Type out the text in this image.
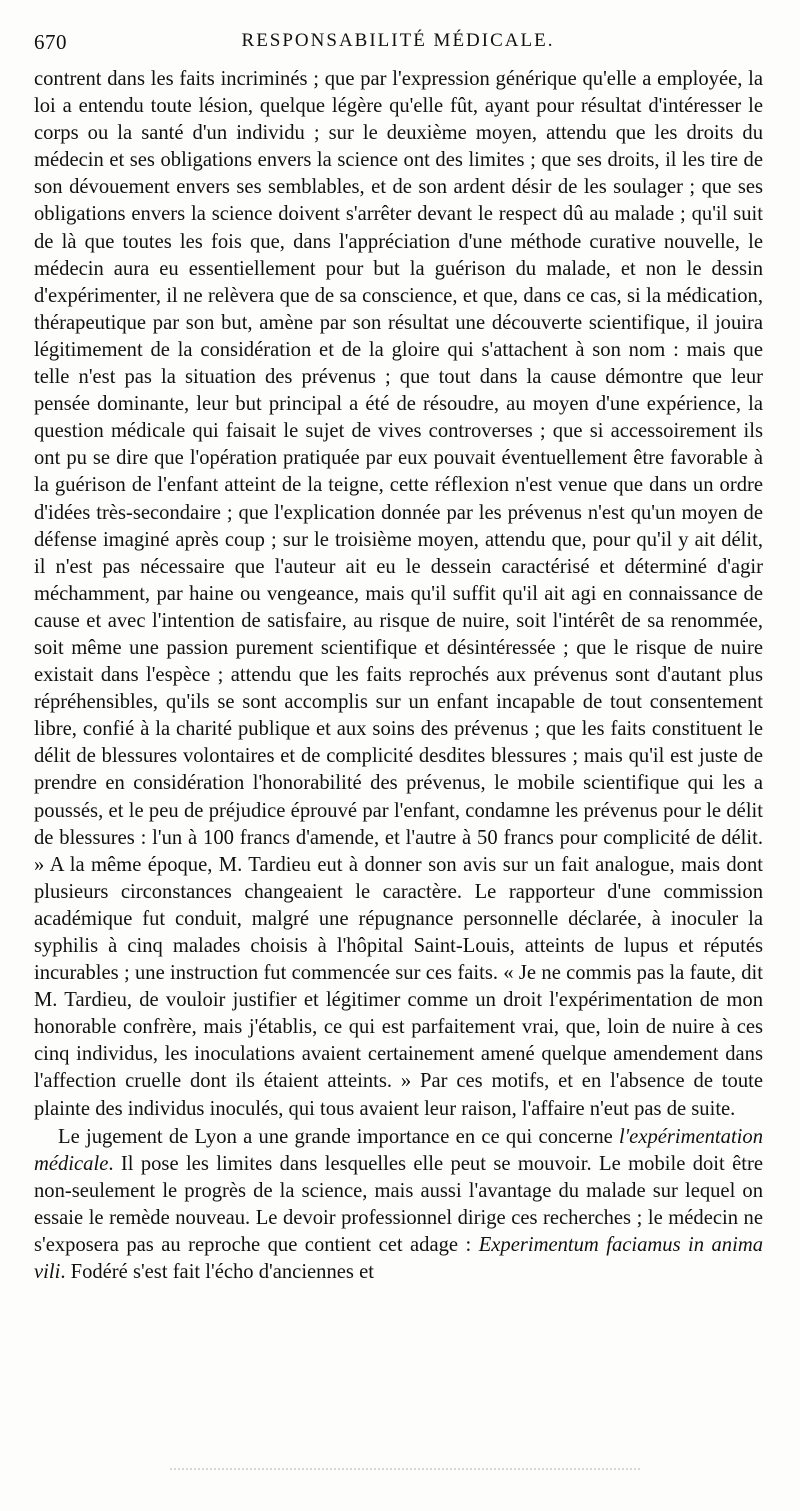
670	RESPONSABILITÉ MÉDICALE.

contrent dans les faits incriminés ; que par l'expression générique qu'elle a employée, la loi a entendu toute lésion, quelque légère qu'elle fût, ayant pour résultat d'intéresser le corps ou la santé d'un individu ; sur le deuxième moyen, attendu que les droits du médecin et ses obligations envers la science ont des limites ; que ses droits, il les tire de son dévouement envers ses semblables, et de son ardent désir de les soulager ; que ses obligations envers la science doivent s'arrêter devant le respect dû au malade ; qu'il suit de là que toutes les fois que, dans l'appréciation d'une méthode curative nouvelle, le médecin aura eu essentiellement pour but la guérison du malade, et non le dessin d'expérimenter, il ne relèvera que de sa conscience, et que, dans ce cas, si la médication, thérapeutique par son but, amène par son résultat une découverte scientifique, il jouira légitimement de la considération et de la gloire qui s'attachent à son nom : mais que telle n'est pas la situation des prévenus ; que tout dans la cause démontre que leur pensée dominante, leur but principal a été de résoudre, au moyen d'une expérience, la question médicale qui faisait le sujet de vives controverses ; que si accessoirement ils ont pu se dire que l'opération pratiquée par eux pouvait éventuellement être favorable à la guérison de l'enfant atteint de la teigne, cette réflexion n'est venue que dans un ordre d'idées très-secondaire ; que l'explication donnée par les prévenus n'est qu'un moyen de défense imaginé après coup ; sur le troisième moyen, attendu que, pour qu'il y ait délit, il n'est pas nécessaire que l'auteur ait eu le dessein caractérisé et déterminé d'agir méchamment, par haine ou vengeance, mais qu'il suffit qu'il ait agi en connaissance de cause et avec l'intention de satisfaire, au risque de nuire, soit l'intérêt de sa renommée, soit même une passion purement scientifique et désintéressée ; que le risque de nuire existait dans l'espèce ; attendu que les faits reprochés aux prévenus sont d'autant plus répréhensibles, qu'ils se sont accomplis sur un enfant incapable de tout consentement libre, confié à la charité publique et aux soins des prévenus ; que les faits constituent le délit de blessures volontaires et de complicité desdites blessures ; mais qu'il est juste de prendre en considération l'honorabilité des prévenus, le mobile scientifique qui les a poussés, et le peu de préjudice éprouvé par l'enfant, condamne les prévenus pour le délit de blessures : l'un à 100 francs d'amende, et l'autre à 50 francs pour complicité de délit. » A la même époque, M. Tardieu eut à donner son avis sur un fait analogue, mais dont plusieurs circonstances changeaient le caractère. Le rapporteur d'une commission académique fut conduit, malgré une répugnance personnelle déclarée, à inoculer la syphilis à cinq malades choisis à l'hôpital Saint-Louis, atteints de lupus et réputés incurables ; une instruction fut commencée sur ces faits. « Je ne commis pas la faute, dit M. Tardieu, de vouloir justifier et légitimer comme un droit l'expérimentation de mon honorable confrère, mais j'établis, ce qui est parfaitement vrai, que, loin de nuire à ces cinq individus, les inoculations avaient certainement amené quelque amendement dans l'affection cruelle dont ils étaient atteints. » Par ces motifs, et en l'absence de toute plainte des individus inoculés, qui tous avaient leur raison, l'affaire n'eut pas de suite.

Le jugement de Lyon a une grande importance en ce qui concerne l'expérimentation médicale. Il pose les limites dans lesquelles elle peut se mouvoir. Le mobile doit être non-seulement le progrès de la science, mais aussi l'avantage du malade sur lequel on essaie le remède nouveau. Le devoir professionnel dirige ces recherches ; le médecin ne s'exposera pas au reproche que contient cet adage : Experimentum faciamus in anima vili. Fodéré s'est fait l'écho d'anciennes et
